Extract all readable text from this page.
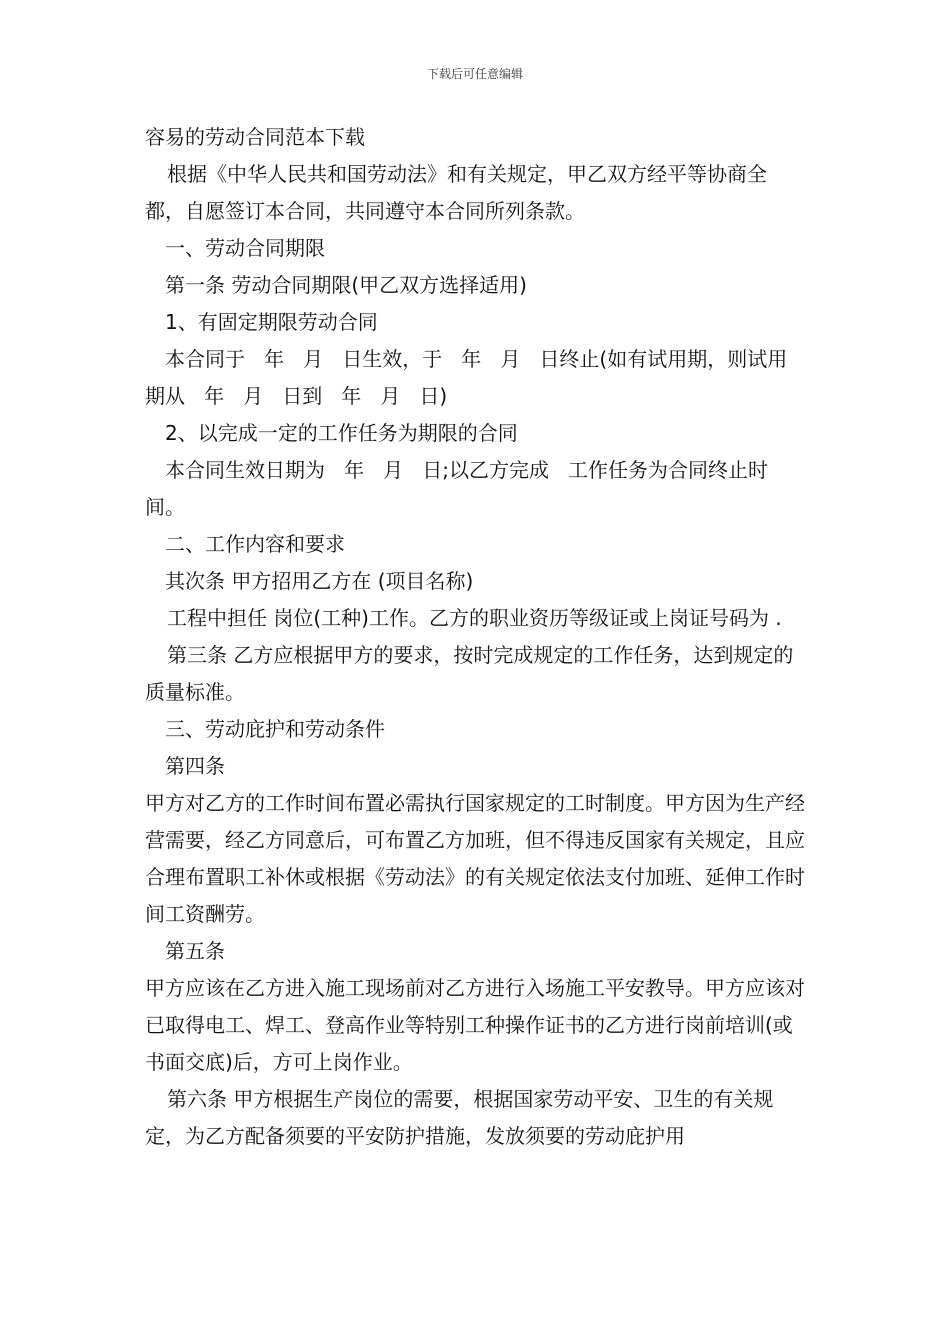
下载后可任意编辑

容易的劳动合同范本下载

根据《中华人民共和国劳动法》和有关规定，甲乙双方经平等协商全都，自愿签订本合同，共同遵守本合同所列条款。

一、劳动合同期限

第一条 劳动合同期限(甲乙双方选择适用)

1、有固定期限劳动合同

本合同于   年   月   日生效，于   年   月   日终止(如有试用期，则试用期从   年   月   日到   年   月   日)

2、以完成一定的工作任务为期限的合同

本合同生效日期为   年   月   日;以乙方完成   工作任务为合同终止时间。

二、工作内容和要求

其次条 甲方招用乙方在 (项目名称)

工程中担任 岗位(工种)工作。乙方的职业资历等级证或上岗证号码为 .

第三条 乙方应根据甲方的要求，按时完成规定的工作任务，达到规定的质量标准。

三、劳动庇护和劳动条件

第四条

甲方对乙方的工作时间布置必需执行国家规定的工时制度。甲方因为生产经营需要，经乙方同意后，可布置乙方加班，但不得违反国家有关规定，且应合理布置职工补休或根据《劳动法》的有关规定依法支付加班、延伸工作时间工资酬劳。

第五条

甲方应该在乙方进入施工现场前对乙方进行入场施工平安教导。甲方应该对已取得电工、焊工、登高作业等特别工种操作证书的乙方进行岗前培训(或书面交底)后，方可上岗作业。

第六条 甲方根据生产岗位的需要，根据国家劳动平安、卫生的有关规定，为乙方配备须要的平安防护措施，发放须要的劳动庇护用
